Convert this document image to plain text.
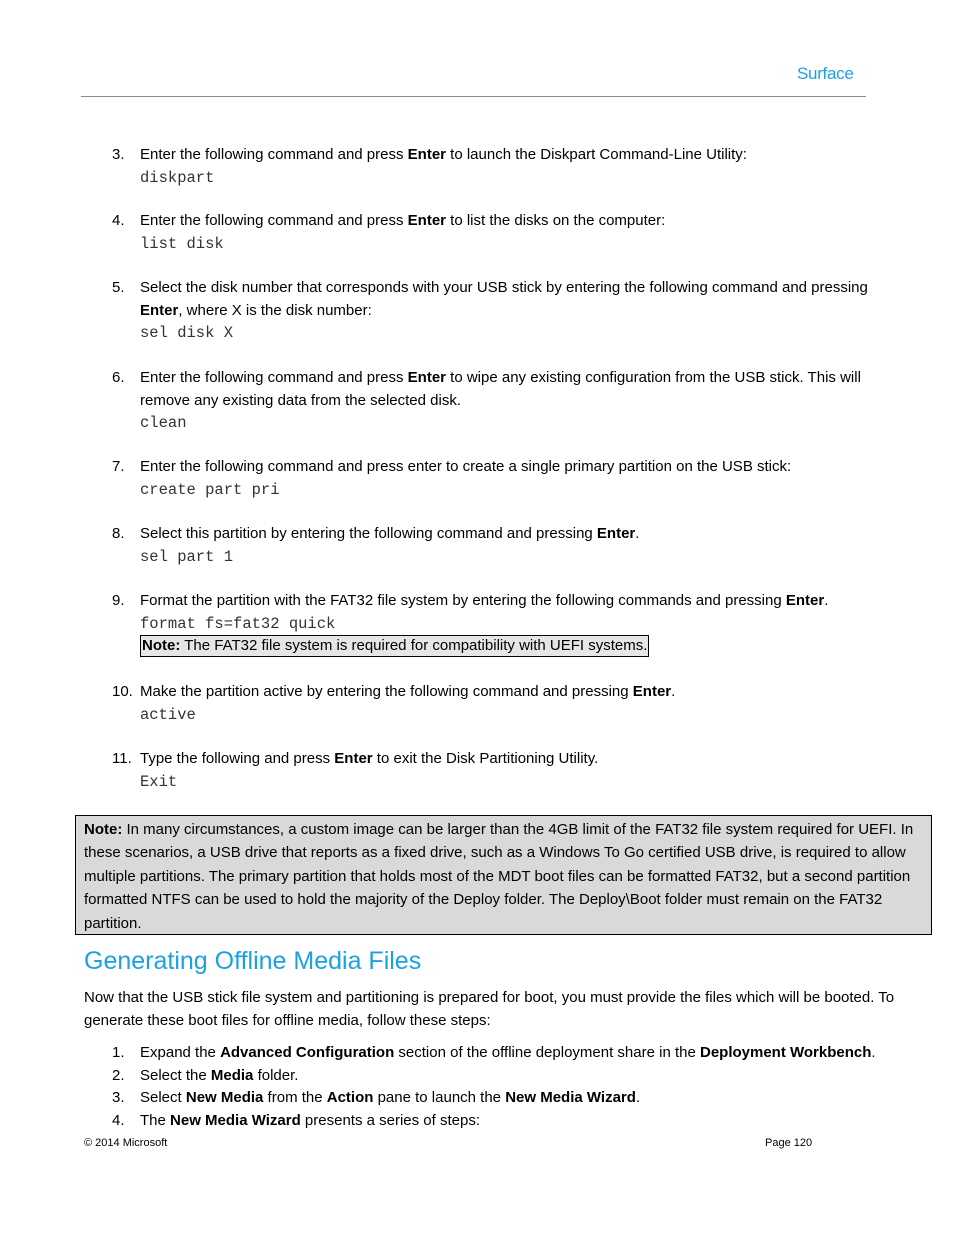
Surface
3.	Enter the following command and press Enter to launch the Diskpart Command-Line Utility:
diskpart
4.	Enter the following command and press Enter to list the disks on the computer:
list disk
5.	Select the disk number that corresponds with your USB stick by entering the following command and pressing Enter, where X is the disk number:
sel disk X
6.	Enter the following command and press Enter to wipe any existing configuration from the USB stick. This will remove any existing data from the selected disk.
clean
7.	Enter the following command and press enter to create a single primary partition on the USB stick:
create part pri
8.	Select this partition by entering the following command and pressing Enter.
sel part 1
9.	Format the partition with the FAT32 file system by entering the following commands and pressing Enter.
format fs=fat32 quick
Note: The FAT32 file system is required for compatibility with UEFI systems.
10. Make the partition active by entering the following command and pressing Enter.
active
11. Type the following and press Enter to exit the Disk Partitioning Utility.
Exit
Note: In many circumstances, a custom image can be larger than the 4GB limit of the FAT32 file system required for UEFI. In these scenarios, a USB drive that reports as a fixed drive, such as a Windows To Go certified USB drive, is required to allow multiple partitions. The primary partition that holds most of the MDT boot files can be formatted FAT32, but a second partition formatted NTFS can be used to hold the majority of the Deploy folder. The Deploy\Boot folder must remain on the FAT32 partition.
Generating Offline Media Files
Now that the USB stick file system and partitioning is prepared for boot, you must provide the files which will be booted. To generate these boot files for offline media, follow these steps:
1.	Expand the Advanced Configuration section of the offline deployment share in the Deployment Workbench.
2.	Select the Media folder.
3.	Select New Media from the Action pane to launch the New Media Wizard.
4.	The New Media Wizard presents a series of steps:
© 2014 Microsoft	Page 120
